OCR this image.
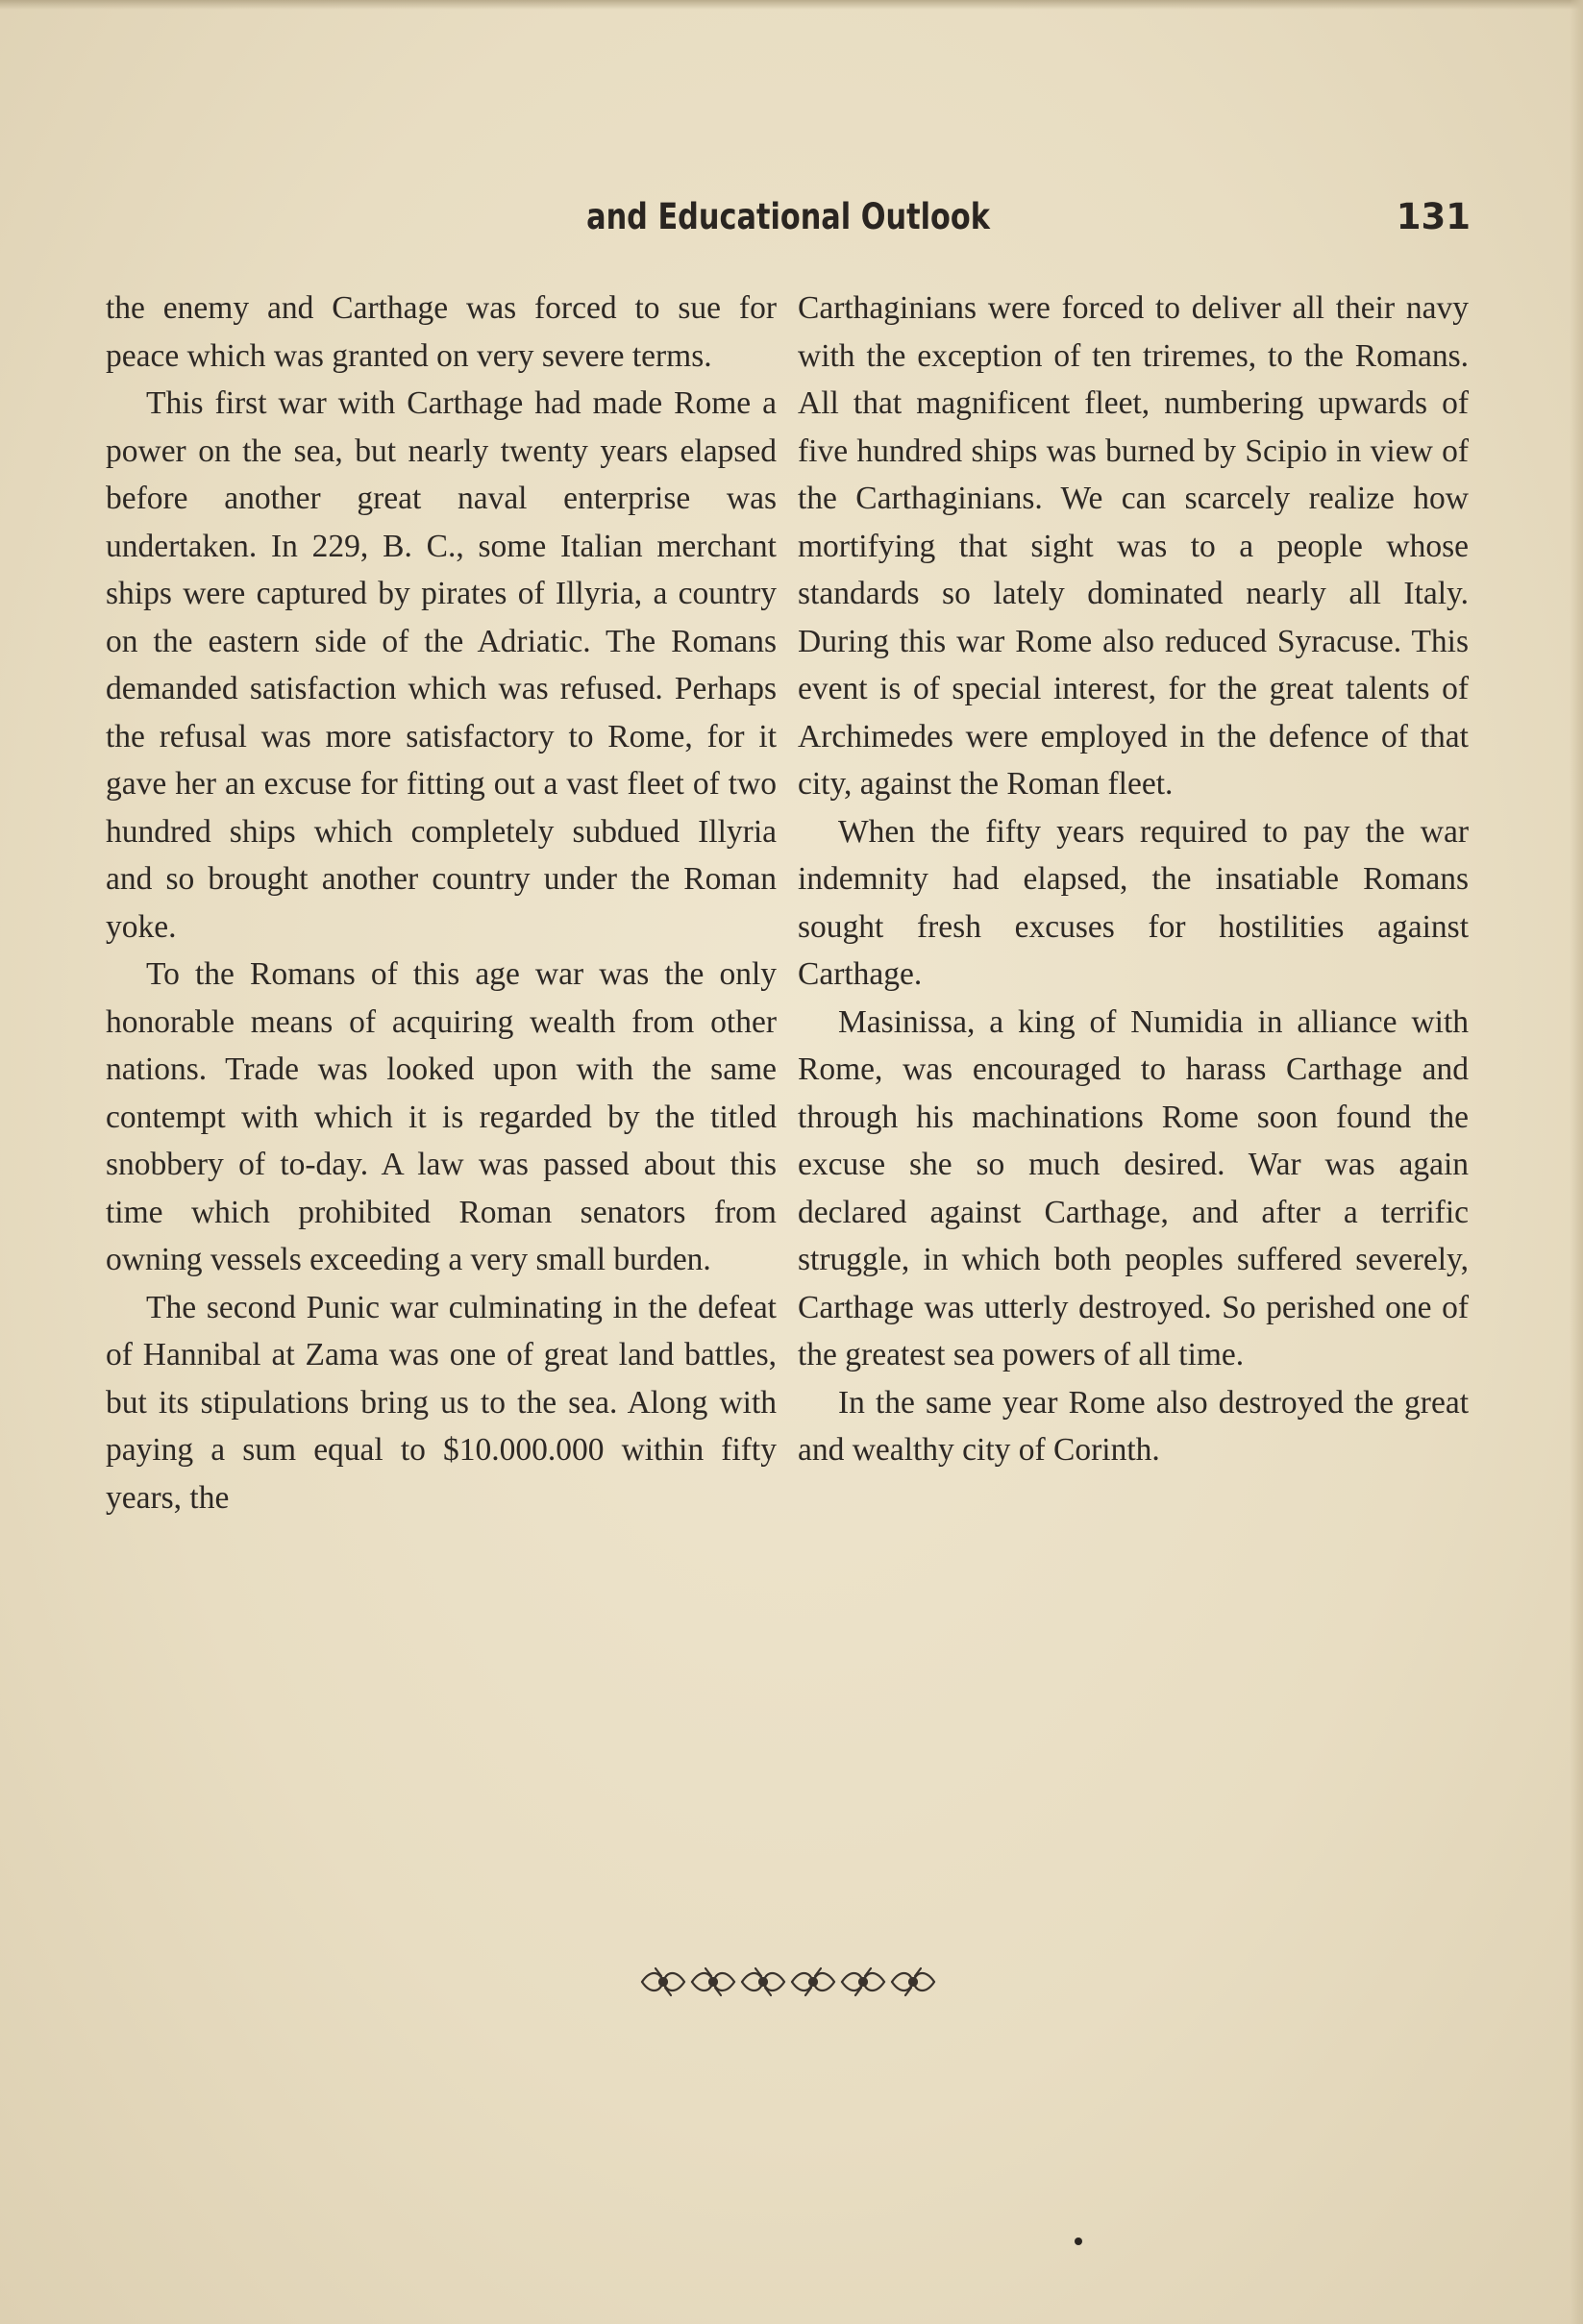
and Educational Outlook	131

the enemy and Carthage was forced to sue for peace which was granted on very severe terms.

This first war with Carthage had made Rome a power on the sea, but nearly twenty years elapsed before another great naval enterprise was undertaken. In 229, B. C., some Italian merchant ships were captured by pirates of Illyria, a country on the eastern side of the Adriatic. The Romans demanded satisfaction which was refused. Perhaps the refusal was more satisfactory to Rome, for it gave her an excuse for fitting out a vast fleet of two hundred ships which completely subdued Illyria and so brought another country under the Roman yoke.

To the Romans of this age war was the only honorable means of acquiring wealth from other nations. Trade was looked upon with the same contempt with which it is regarded by the titled snobbery of to-day. A law was passed about this time which prohibited Roman senators from owning vessels exceeding a very small burden.

The second Punic war culminating in the defeat of Hannibal at Zama was one of great land battles, but its stipulations bring us to the sea. Along with paying a sum equal to $10.000.000 within fifty years, the

Carthaginians were forced to deliver all their navy with the exception of ten triremes, to the Romans. All that magnificent fleet, numbering upwards of five hundred ships was burned by Scipio in view of the Carthaginians. We can scarcely realize how mortifying that sight was to a people whose standards so lately dominated nearly all Italy. During this war Rome also reduced Syracuse. This event is of special interest, for the great talents of Archimedes were employed in the defence of that city, against the Roman fleet.

When the fifty years required to pay the war indemnity had elapsed, the insatiable Romans sought fresh excuses for hostilities against Carthage.

Masinissa, a king of Numidia in alliance with Rome, was encouraged to harass Carthage and through his machinations Rome soon found the excuse she so much desired. War was again declared against Carthage, and after a terrific struggle, in which both peoples suffered severely, Carthage was utterly destroyed. So perished one of the greatest sea powers of all time.

In the same year Rome also destroyed the great and wealthy city of Corinth.
